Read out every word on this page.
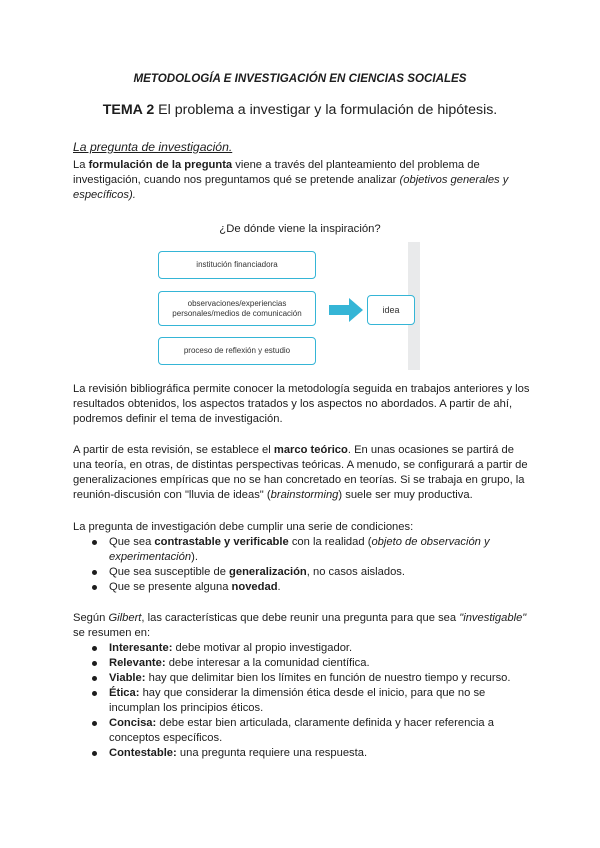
METODOLOGÍA E INVESTIGACIÓN EN CIENCIAS SOCIALES
TEMA 2 El problema a investigar y la formulación de hipótesis.

La pregunta de investigación.

La formulación de la pregunta viene a través del planteamiento del problema de investigación, cuando nos preguntamos qué se pretende analizar (objetivos generales y específicos).

¿De dónde viene la inspiración?
institución financiadora
observaciones/experiencias
personales/medios de comunicación
proceso de reflexión y estudio
idea

La revisión bibliográfica permite conocer la metodología seguida en trabajos anteriores y los resultados obtenidos, los aspectos tratados y los aspectos no abordados. A partir de ahí, podremos definir el tema de investigación.

A partir de esta revisión, se establece el marco teórico. En unas ocasiones se partirá de una teoría, en otras, de distintas perspectivas teóricas. A menudo, se configurará a partir de generalizaciones empíricas que no se han concretado en teorías. Si se trabaja en grupo, la reunión-discusión con "lluvia de ideas" (brainstorming) suele ser muy productiva.

La pregunta de investigación debe cumplir una serie de condiciones:

Que sea contrastable y verificable con la realidad (objeto de observación y experimentación).
Que sea susceptible de generalización, no casos aislados.
Que se presente alguna novedad.

Según Gilbert, las características que debe reunir una pregunta para que sea "investigable" se resumen en:

Interesante: debe motivar al propio investigador.
Relevante: debe interesar a la comunidad científica.
Viable: hay que delimitar bien los límites en función de nuestro tiempo y recurso.
Ética: hay que considerar la dimensión ética desde el inicio, para que no se incumplan los principios éticos.
Concisa: debe estar bien articulada, claramente definida y hacer referencia a conceptos específicos.
Contestable: una pregunta requiere una respuesta.
